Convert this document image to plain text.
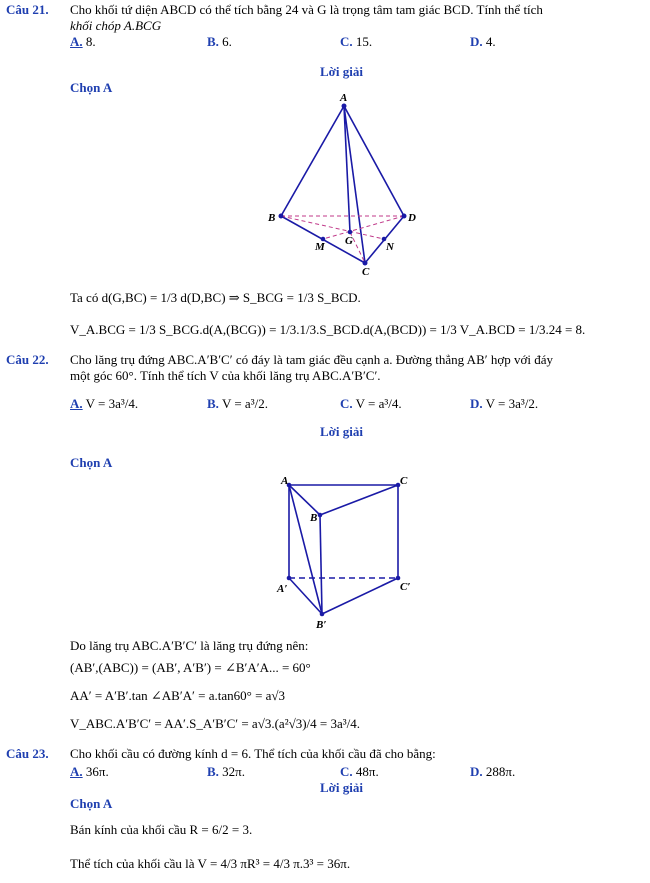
Câu 21. Cho khối tứ diện ABCD có thể tích bằng 24 và G là trọng tâm tam giác BCD. Tính thể tích
khối chóp A.BCG
A. 8.	B. 6.	C. 15.	D. 4.
Lời giải
Chọn A
A
B	D
C
G
M	N
Ta có d(G,BC) = 1/3 d(D,BC) ⇒ S_BCG = 1/3 S_BCD.
V_A.BCG = 1/3 S_BCG.d(A,(BCG)) = 1/3.1/3.S_BCD.d(A,(BCD)) = 1/3 V_A.BCD = 1/3.24 = 8.
Câu 22. Cho lăng trụ đứng ABC.A′B′C′ có đáy là tam giác đều cạnh a. Đường thẳng AB′ hợp với đáy
một góc 60°. Tính thể tích V của khối lăng trụ ABC.A′B′C′.
A. V = 3a³/4.	B. V = a³/2.	C. V = a³/4.	D. V = 3a³/2.
Lời giải
Chọn A
A	C
B
A′	C′
B′
Do lăng trụ ABC.A′B′C′ là lăng trụ đứng nên:
(AB′,(ABC)) = (AB′, A′B′) = ∠B′A′A... = 60°
AA′ = A′B′.tan ∠AB′A′ = a.tan60° = a√3
V_ABC.A′B′C′ = AA′.S_A′B′C′ = a√3.(a²√3)/4 = 3a³/4.
Câu 23. Cho khối cầu có đường kính d = 6. Thể tích của khối cầu đã cho bằng:
A. 36π.	B. 32π.	C. 48π.	D. 288π.
Lời giải
Chọn A
Bán kính của khối cầu R = 6/2 = 3.
Thể tích của khối cầu là V = 4/3 πR³ = 4/3 π.3³ = 36π.
